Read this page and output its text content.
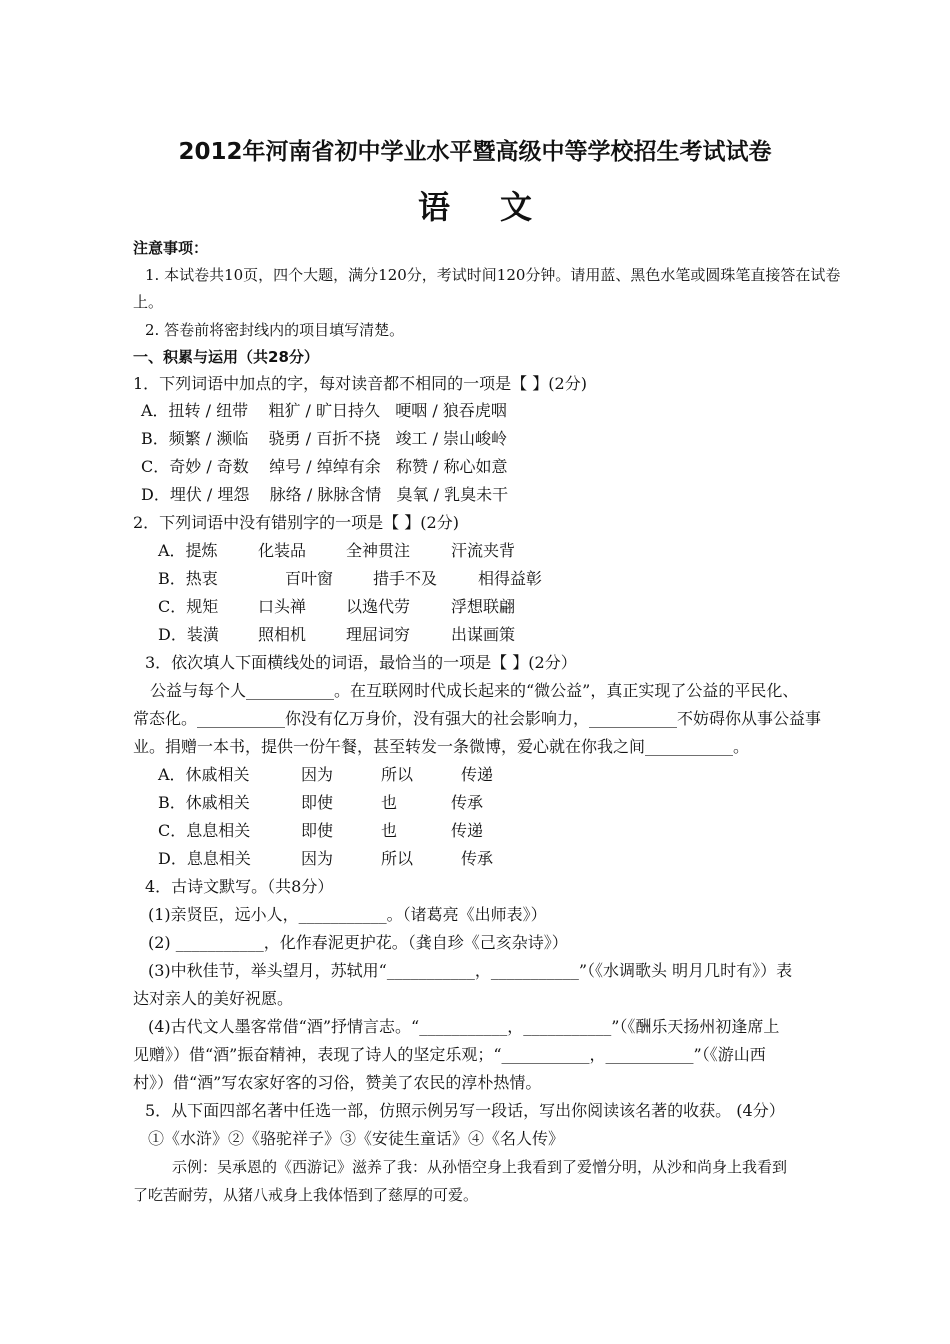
2012年河南省初中学业水平暨高级中等学校招生考试试卷
语文
注意事项：
1. 本试卷共10页，四个大题，满分120分，考试时间120分钟。请用蓝、黑色水笔或圆珠笔直接答在试卷
上。
2. 答卷前将密封线内的项目填写清楚。
一、积累与运用（共28分）
1．下列词语中加点的字，每对读音都不相同的一项是【 】(2分)
A．扭转 / 纽带    粗犷 / 旷日持久   哽咽 / 狼吞虎咽
B．频繁 / 濒临    骁勇 / 百折不挠   竣工 / 崇山峻岭
C．奇妙 / 奇数    绰号 / 绰绰有余   称赞 / 称心如意
D．埋伏 / 埋怨    脉络 / 脉脉含情   臭氧 / 乳臭未干
2．下列词语中没有错别字的一项是【 】(2分)
A．提炼	化装品 全神贯注	汗流夹背
B．热衷	百叶窗 措手不及	相得益彰
C．规矩 口头禅 以逸代劳	浮想联翩
D．装潢 照相机 理屈词穷	出谋画策
3．依次填人下面横线处的词语，最恰当的一项是【 】(2分）
公益与每个人___________。在互联网时代成长起来的“微公益”，真正实现了公益的平民化、
常态化。___________你没有亿万身价，没有强大的社会影响力，___________不妨碍你从事公益事
业。捐赠一本书，提供一份午餐，甚至转发一条微博，爱心就在你我之间___________。
A．休戚相关	因为	所以	传递
B．休戚相关	即使	也	传承
C．息息相关	即使	也	传递
D．息息相关	因为	所以	传承
4．古诗文默写。（共8分）
(1)亲贤臣，远小人，___________。（诸葛亮《出师表》）
(2) ___________，化作春泥更护花。（龚自珍《己亥杂诗》）
(3)中秋佳节，举头望月，苏轼用“___________，___________”（《水调歌头 明月几时有》）表
达对亲人的美好祝愿。
(4)古代文人墨客常借“酒”抒情言志。“___________，___________”（《酬乐天扬州初逢席上
见赠》）借“酒”振奋精神，表现了诗人的坚定乐观；“___________，___________”（《游山西
村》）借“酒”写农家好客的习俗，赞美了农民的淳朴热情。
5．从下面四部名著中任选一部，仿照示例另写一段话，写出你阅读该名著的收获。 (4分）
①《水浒》②《骆驼祥子》③《安徒生童话》④《名人传》
示例：吴承恩的《西游记》滋养了我：从孙悟空身上我看到了爱憎分明，从沙和尚身上我看到
了吃苦耐劳，从猪八戒身上我体悟到了慈厚的可爱。
